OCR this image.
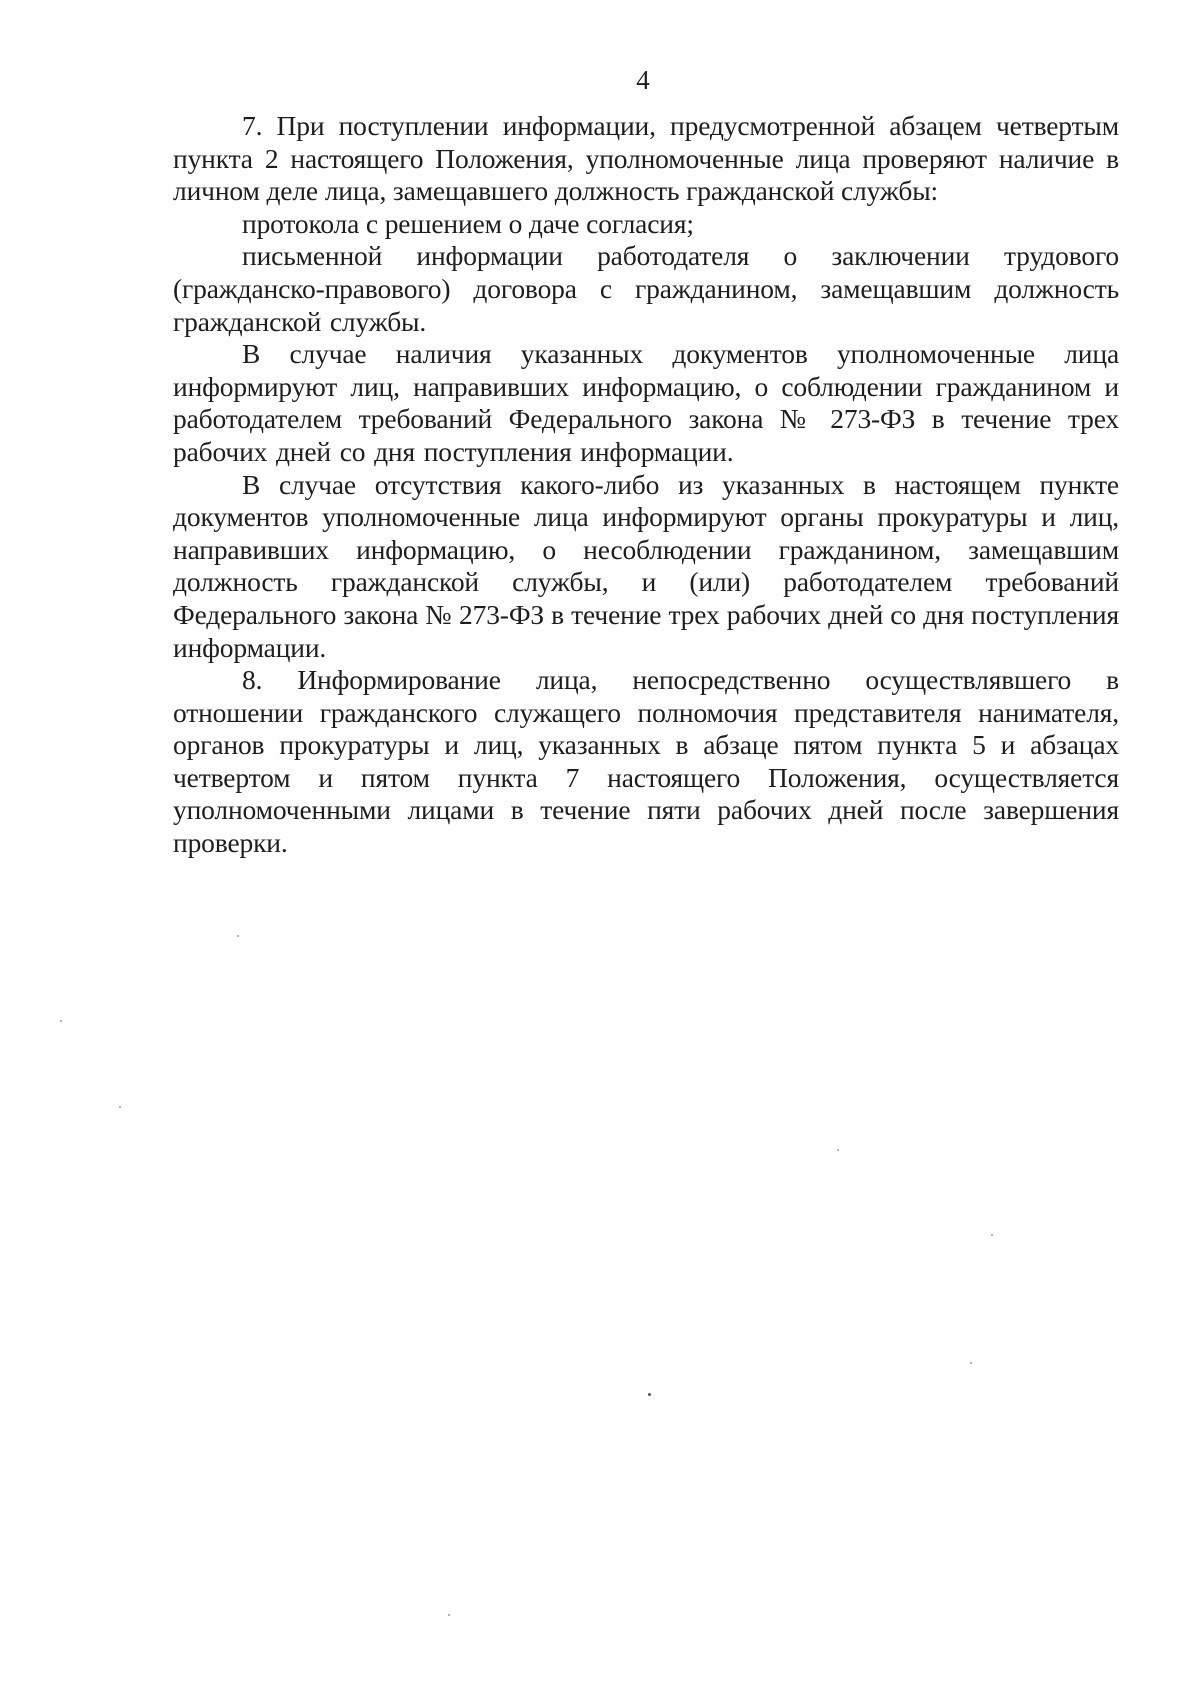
4

7. При поступлении информации, предусмотренной абзацем четвертым пункта 2 настоящего Положения, уполномоченные лица проверяют наличие в личном деле лица, замещавшего должность гражданской службы:

протокола с решением о даче согласия;

письменной информации работодателя о заключении трудового (гражданско-правового) договора с гражданином, замещавшим должность гражданской службы.

В случае наличия указанных документов уполномоченные лица информируют лиц, направивших информацию, о соблюдении гражданином и работодателем требований Федерального закона № 273-ФЗ в течение трех рабочих дней со дня поступления информации.

В случае отсутствия какого-либо из указанных в настоящем пункте документов уполномоченные лица информируют органы прокуратуры и лиц, направивших информацию, о несоблюдении гражданином, замещавшим должность гражданской службы, и (или) работодателем требований Федерального закона № 273-ФЗ в течение трех рабочих дней со дня поступления информации.

8. Информирование лица, непосредственно осуществлявшего в отношении гражданского служащего полномочия представителя нанимателя, органов прокуратуры и лиц, указанных в абзаце пятом пункта 5 и абзацах четвертом и пятом пункта 7 настоящего Положения, осуществляется уполномоченными лицами в течение пяти рабочих дней после завершения проверки.
